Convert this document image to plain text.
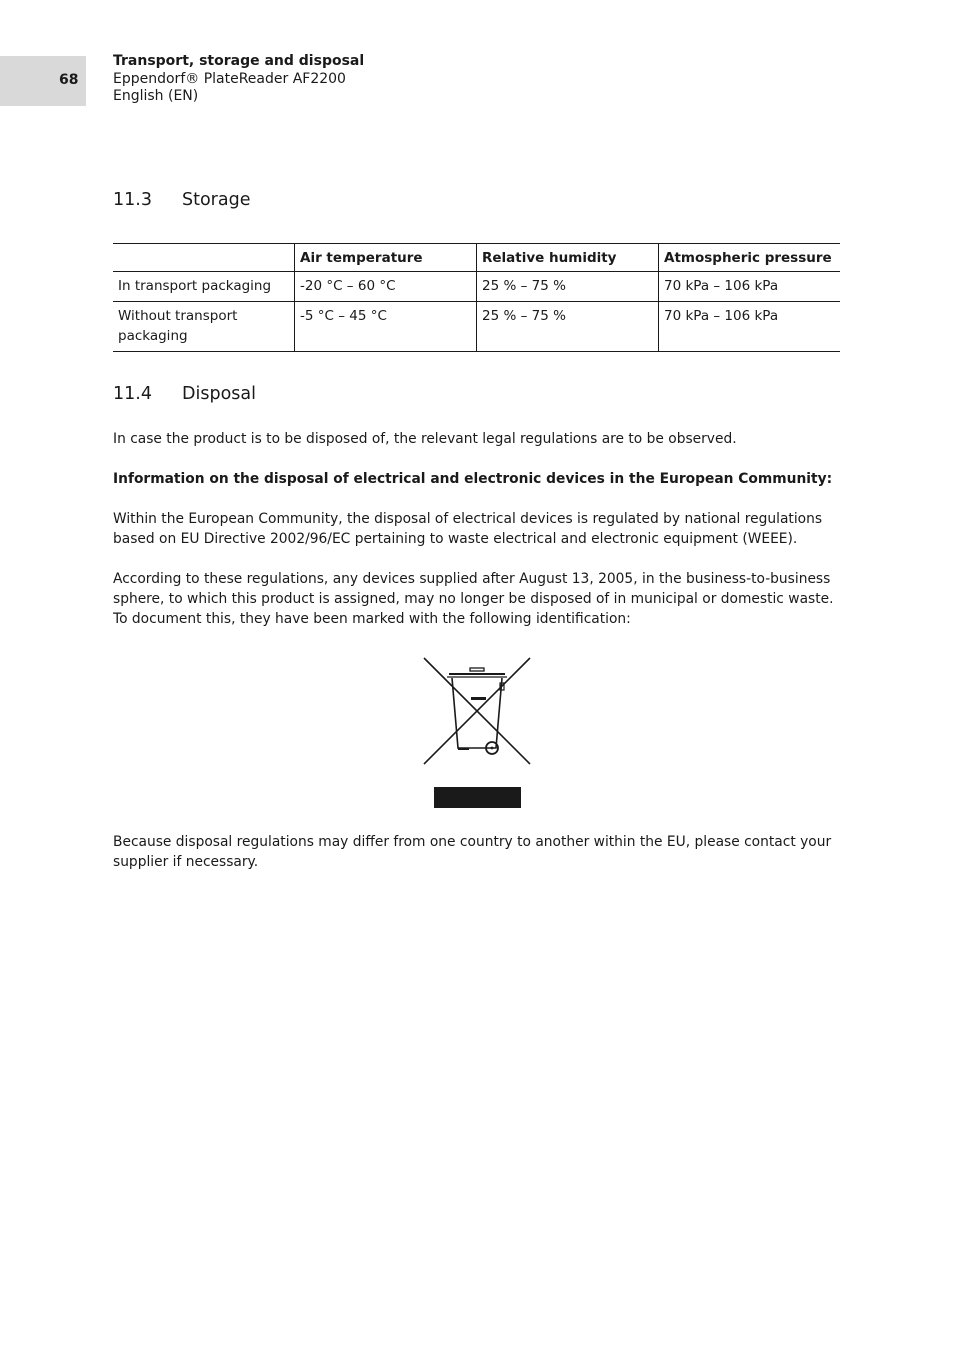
68
Transport, storage and disposal
Eppendorf® PlateReader AF2200
English (EN)
11.3 Storage
	Air temperature	Relative humidity	Atmospheric pressure
In transport packaging	-20 °C – 60 °C	25 % – 75 %	70 kPa – 106 kPa
Without transport packaging	-5 °C – 45 °C	25 % – 75 %	70 kPa – 106 kPa
11.4 Disposal

In case the product is to be disposed of, the relevant legal regulations are to be observed.

Information on the disposal of electrical and electronic devices in the European Community:

Within the European Community, the disposal of electrical devices is regulated by national regulations based on EU Directive 2002/96/EC pertaining to waste electrical and electronic equipment (WEEE).

According to these regulations, any devices supplied after August 13, 2005, in the business-to-business sphere, to which this product is assigned, may no longer be disposed of in municipal or domestic waste. To document this, they have been marked with the following identification:

Because disposal regulations may differ from one country to another within the EU, please contact your supplier if necessary.
